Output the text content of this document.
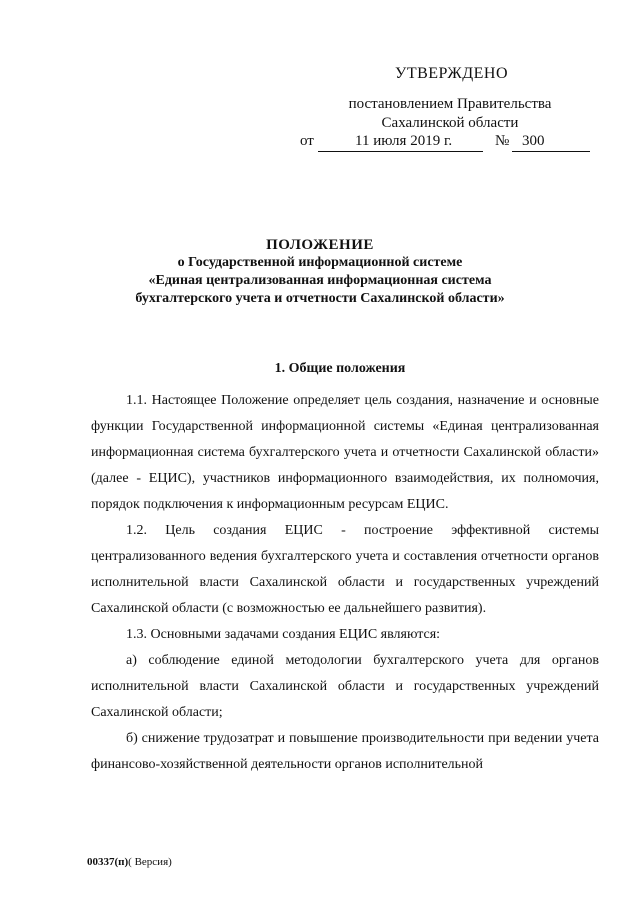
УТВЕРЖДЕНО
постановлением Правительства
Сахалинской области
от	11 июля 2019 г.	№ 300
ПОЛОЖЕНИЕ
о Государственной информационной системе
«Единая централизованная информационная система
бухгалтерского учета и отчетности Сахалинской области»
1. Общие положения

1.1. Настоящее Положение определяет цель создания, назначение и основные функции Государственной информационной системы «Единая централизованная информационная система бухгалтерского учета и отчетности Сахалинской области» (далее - ЕЦИС), участников информационного взаимодействия, их полномочия, порядок подключения к информационным ресурсам ЕЦИС.

1.2. Цель создания ЕЦИС - построение эффективной системы централизованного ведения бухгалтерского учета и составления отчетности органов исполнительной власти Сахалинской области и государственных учреждений Сахалинской области (с возможностью ее дальнейшего развития).

1.3. Основными задачами создания ЕЦИС являются:

а) соблюдение единой методологии бухгалтерского учета для органов исполнительной власти Сахалинской области и государственных учреждений Сахалинской области;

б) снижение трудозатрат и повышение производительности при ведении учета финансово-хозяйственной деятельности органов исполнительной

00337(п)( Версия)
